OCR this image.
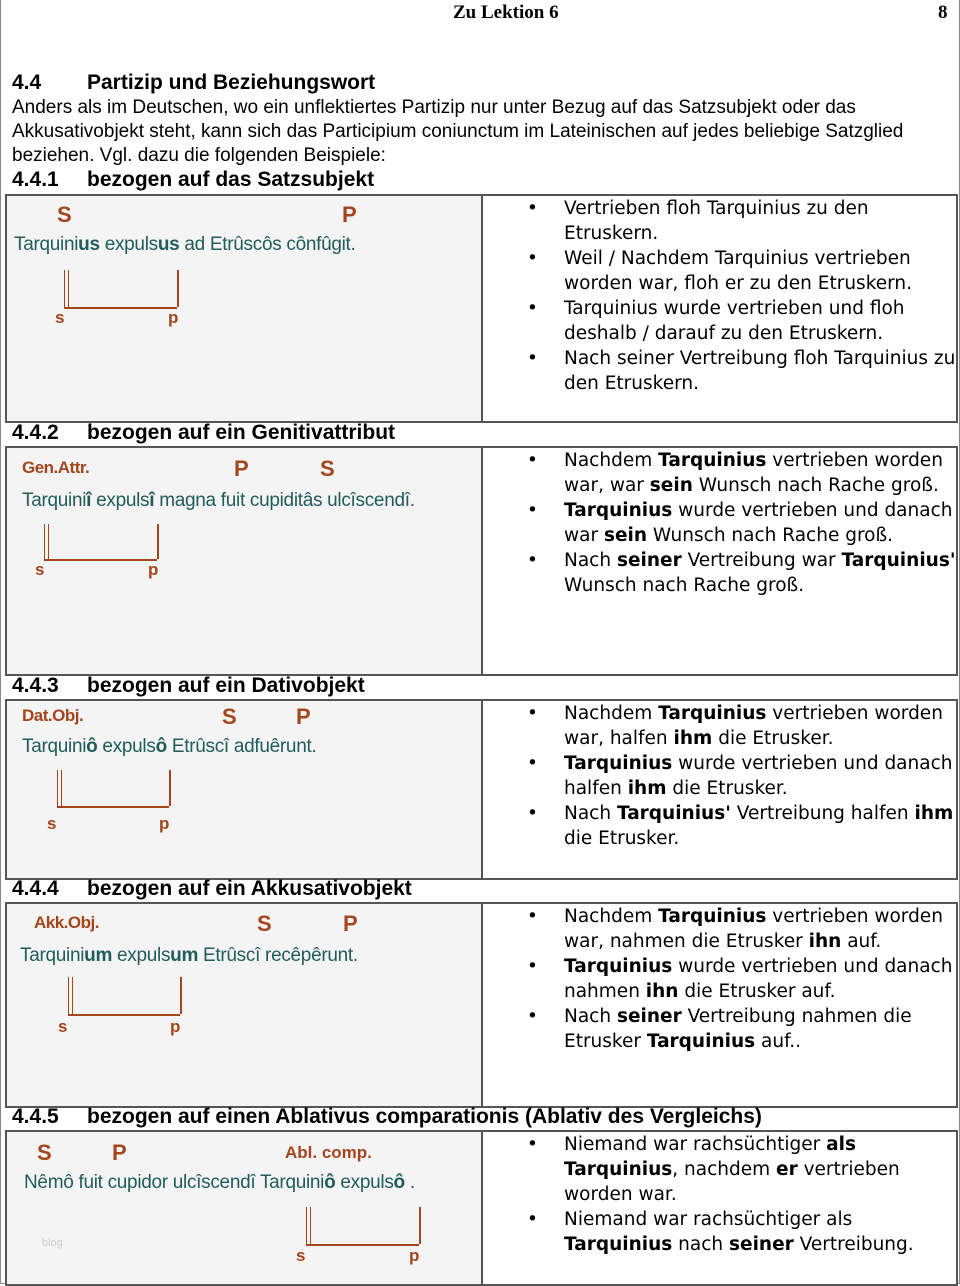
Zu Lektion 6	8
4.4 Partizip und Beziehungswort
Anders als im Deutschen, wo ein unflektiertes Partizip nur unter Bezug auf das Satzsubjekt oder das Akkusativobjekt steht, kann sich das Participium coniunctum im Lateinischen auf jedes beliebige Satzglied beziehen. Vgl. dazu die folgenden Beispiele:
4.4.1 bezogen auf das Satzsubjekt
S	P
Tarquinius expulsus ad Etrûscôs cônfûgit.
s	p
• Vertrieben floh Tarquinius zu den Etruskern.
• Weil / Nachdem Tarquinius vertrieben worden war, floh er zu den Etruskern.
• Tarquinius wurde vertrieben und floh deshalb / darauf zu den Etruskern.
• Nach seiner Vertreibung floh Tarquinius zu den Etruskern.
4.4.2 bezogen auf ein Genitivattribut
Gen.Attr.	P	S
Tarquiniî expulsî magna fuit cupiditâs ulcîscendî.
s	p
• Nachdem Tarquinius vertrieben worden war, war sein Wunsch nach Rache groß.
• Tarquinius wurde vertrieben und danach war sein Wunsch nach Rache groß.
• Nach seiner Vertreibung war Tarquinius' Wunsch nach Rache groß.
4.4.3 bezogen auf ein Dativobjekt
Dat.Obj.	S	P
Tarquiniô expulsô Etrûscî adfuêrunt.
s	p
• Nachdem Tarquinius vertrieben worden war, halfen ihm die Etrusker.
• Tarquinius wurde vertrieben und danach halfen ihm die Etrusker.
• Nach Tarquinius' Vertreibung halfen ihm die Etrusker.
4.4.4 bezogen auf ein Akkusativobjekt
Akk.Obj.	S	P
Tarquinium expulsum Etrûscî recêpêrunt.
s	p
• Nachdem Tarquinius vertrieben worden war, nahmen die Etrusker ihn auf.
• Tarquinius wurde vertrieben und danach nahmen ihn die Etrusker auf.
• Nach seiner Vertreibung nahmen die Etrusker Tarquinius auf..
4.4.5 bezogen auf einen Ablativus comparationis (Ablativ des Vergleichs)
S	P	Abl. comp.
Nêmô fuit cupidor ulcîscendî Tarquiniô expulsô .
s	p
blog
• Niemand war rachsüchtiger als Tarquinius, nachdem er vertrieben worden war.
• Niemand war rachsüchtiger als Tarquinius nach seiner Vertreibung.
